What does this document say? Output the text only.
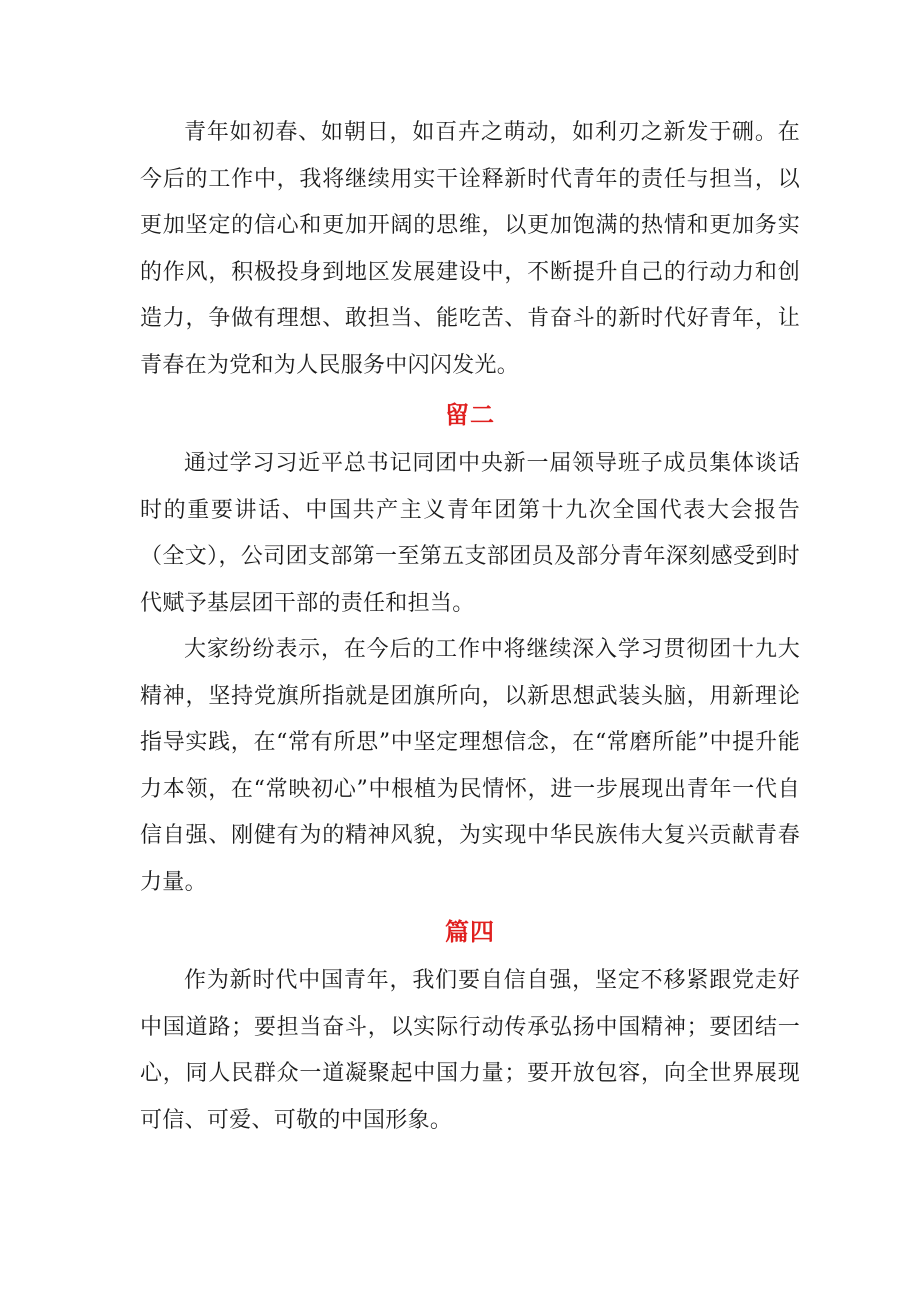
青年如初春、如朝日，如百卉之萌动，如利刃之新发于硎。在今后的工作中，我将继续用实干诠释新时代青年的责任与担当，以更加坚定的信心和更加开阔的思维，以更加饱满的热情和更加务实的作风，积极投身到地区发展建设中，不断提升自己的行动力和创造力，争做有理想、敢担当、能吃苦、肯奋斗的新时代好青年，让青春在为党和为人民服务中闪闪发光。

留二

通过学习习近平总书记同团中央新一届领导班子成员集体谈话时的重要讲话、中国共产主义青年团第十九次全国代表大会报告（全文），公司团支部第一至第五支部团员及部分青年深刻感受到时代赋予基层团干部的责任和担当。

大家纷纷表示，在今后的工作中将继续深入学习贯彻团十九大精神，坚持党旗所指就是团旗所向，以新思想武装头脑，用新理论指导实践，在“常有所思”中坚定理想信念，在“常磨所能”中提升能力本领，在“常映初心”中根植为民情怀，进一步展现出青年一代自信自强、刚健有为的精神风貌，为实现中华民族伟大复兴贡献青春力量。

篇四

作为新时代中国青年，我们要自信自强，坚定不移紧跟党走好中国道路；要担当奋斗，以实际行动传承弘扬中国精神；要团结一心，同人民群众一道凝聚起中国力量；要开放包容，向全世界展现可信、可爱、可敬的中国形象。
